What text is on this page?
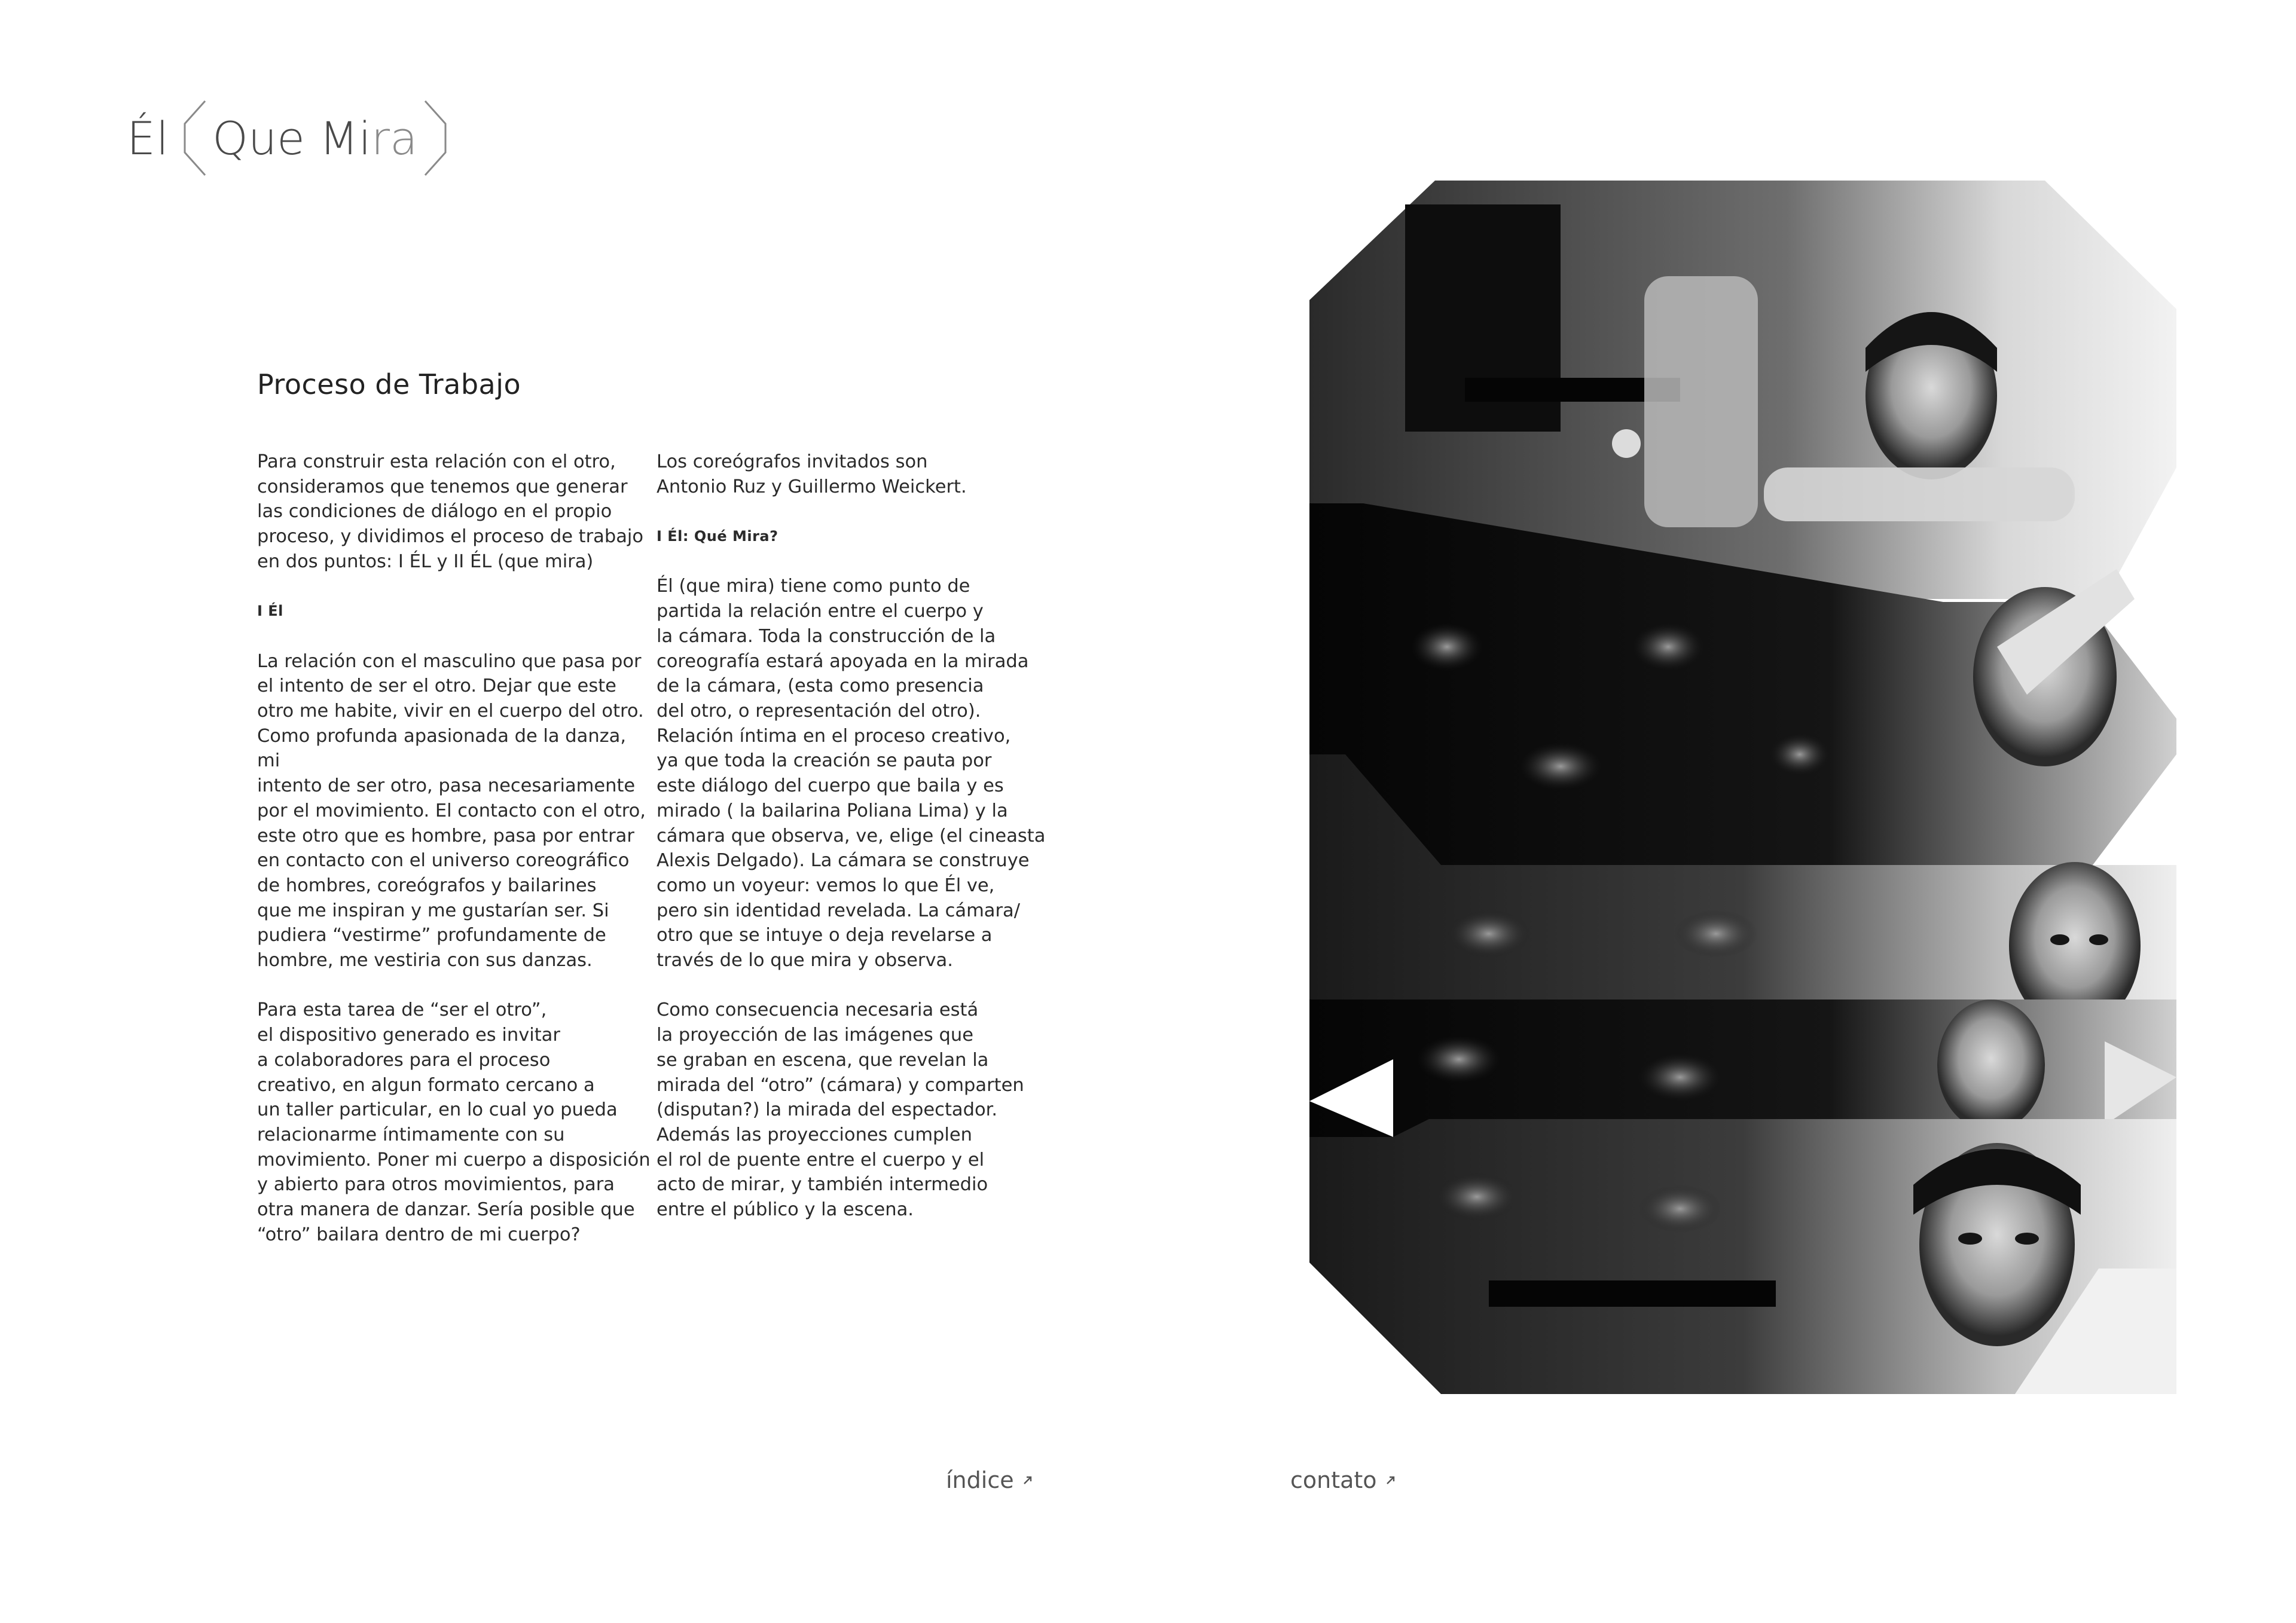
Él Que Mira
Proceso de Trabajo

Para construir esta relación con el otro,
consideramos que tenemos que generar
las condiciones de diálogo en el propio
proceso, y dividimos el proceso de trabajo
en dos puntos: I ÉL y II ÉL (que mira)

I Él

La relación con el masculino que pasa por
el intento de ser el otro. Dejar que este
otro me habite, vivir en el cuerpo del otro.
Como profunda apasionada de la danza, mi
intento de ser otro, pasa necesariamente
por el movimiento. El contacto con el otro,
este otro que es hombre, pasa por entrar
en contacto con el universo coreográfico
de hombres, coreógrafos y bailarines
que me inspiran y me gustarían ser. Si
pudiera “vestirme” profundamente de
hombre, me vestiria con sus danzas.

Para esta tarea de “ser el otro”,
el dispositivo generado es invitar
a colaboradores para el proceso
creativo, en algun formato cercano a
un taller particular, en lo cual yo pueda
relacionarme íntimamente con su
movimiento. Poner mi cuerpo a disposición
y abierto para otros movimientos, para
otra manera de danzar. Sería posible que
“otro” bailara dentro de mi cuerpo?

Los coreógrafos invitados son
Antonio Ruz y Guillermo Weickert.

I Él: Qué Mira?

Él (que mira) tiene como punto de
partida la relación entre el cuerpo y
la cámara. Toda la construcción de la
coreografía estará apoyada en la mirada
de la cámara, (esta como presencia
del otro, o representación del otro).
Relación íntima en el proceso creativo,
ya que toda la creación se pauta por
este diálogo del cuerpo que baila y es
mirado ( la bailarina Poliana Lima) y la
cámara que observa, ve, elige (el cineasta
Alexis Delgado). La cámara se construye
como un voyeur: vemos lo que Él ve,
pero sin identidad revelada. La cámara/
otro que se intuye o deja revelarse a
través de lo que mira y observa.

Como consecuencia necesaria está
la proyección de las imágenes que
se graban en escena, que revelan la
mirada del “otro” (cámara) y comparten
(disputan?) la mirada del espectador.
Además las proyecciones cumplen
el rol de puente entre el cuerpo y el
acto de mirar, y también intermedio
entre el público y la escena.

índice	contato
